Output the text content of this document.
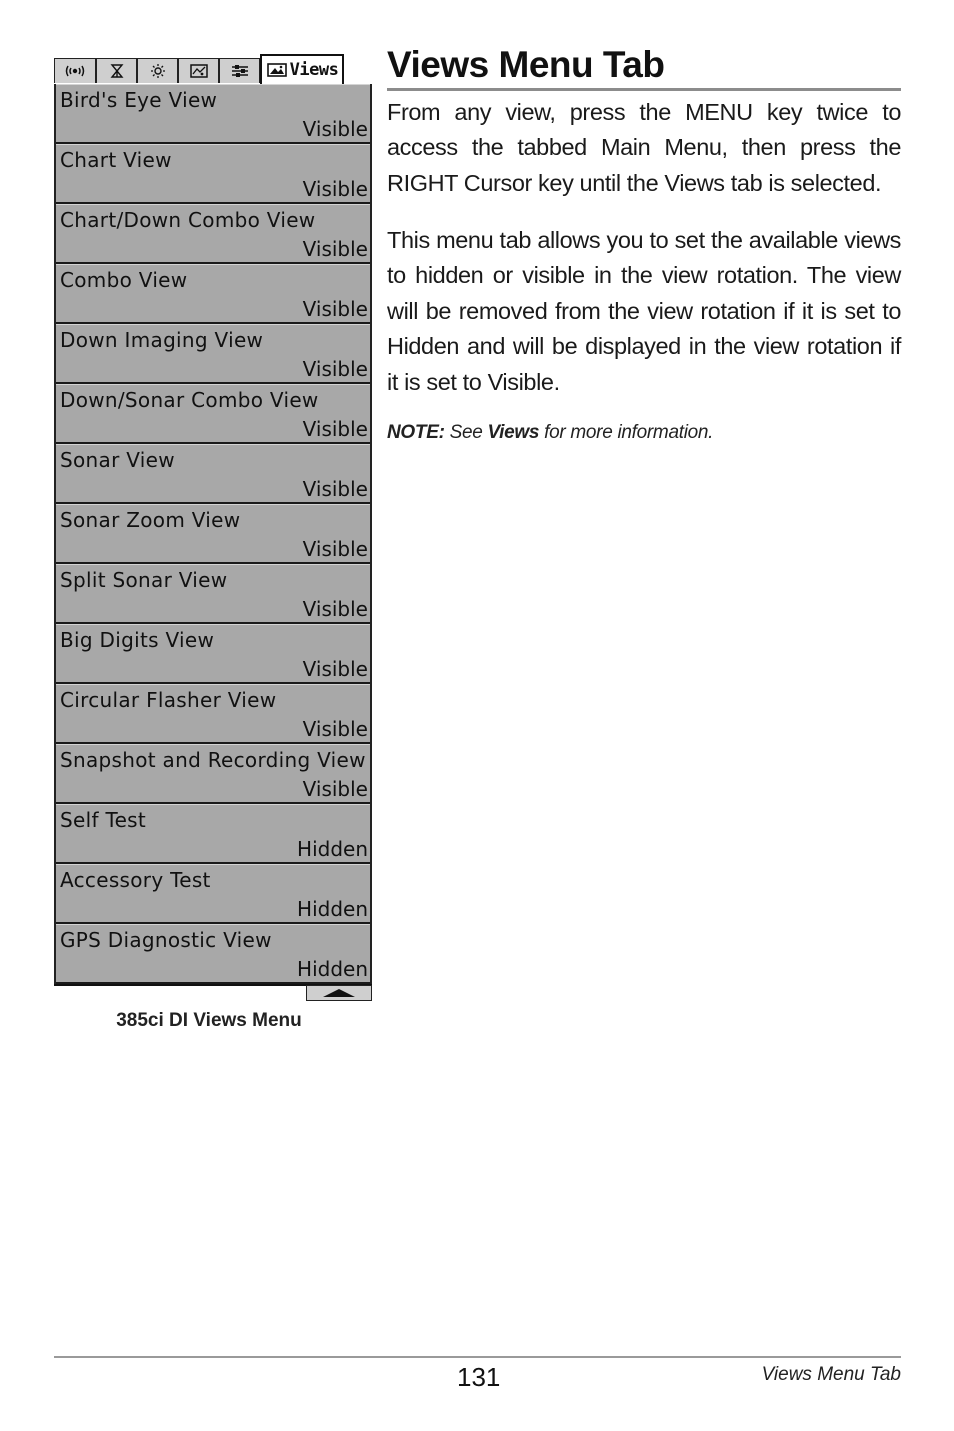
Views
Bird's Eye View
Visible
Chart View
Visible
Chart/Down Combo View
Visible
Combo View
Visible
Down Imaging View
Visible
Down/Sonar Combo View
Visible
Sonar View
Visible
Sonar Zoom View
Visible
Split Sonar View
Visible
Big Digits View
Visible
Circular Flasher View
Visible
Snapshot and Recording View
Visible
Self Test
Hidden
Accessory Test
Hidden
GPS Diagnostic View
Hidden
385ci DI Views Menu
Views Menu Tab

From any view, press the MENU key twice to access the tabbed Main Menu, then press the RIGHT Cursor key until the Views tab is selected.

This menu tab allows you to set the available views to hidden or visible in the view rotation. The view will be removed from the view rotation if it is set to Hidden and will be displayed in the view rotation if it is set to Visible.

NOTE: See Views for more information.

131	Views Menu Tab
